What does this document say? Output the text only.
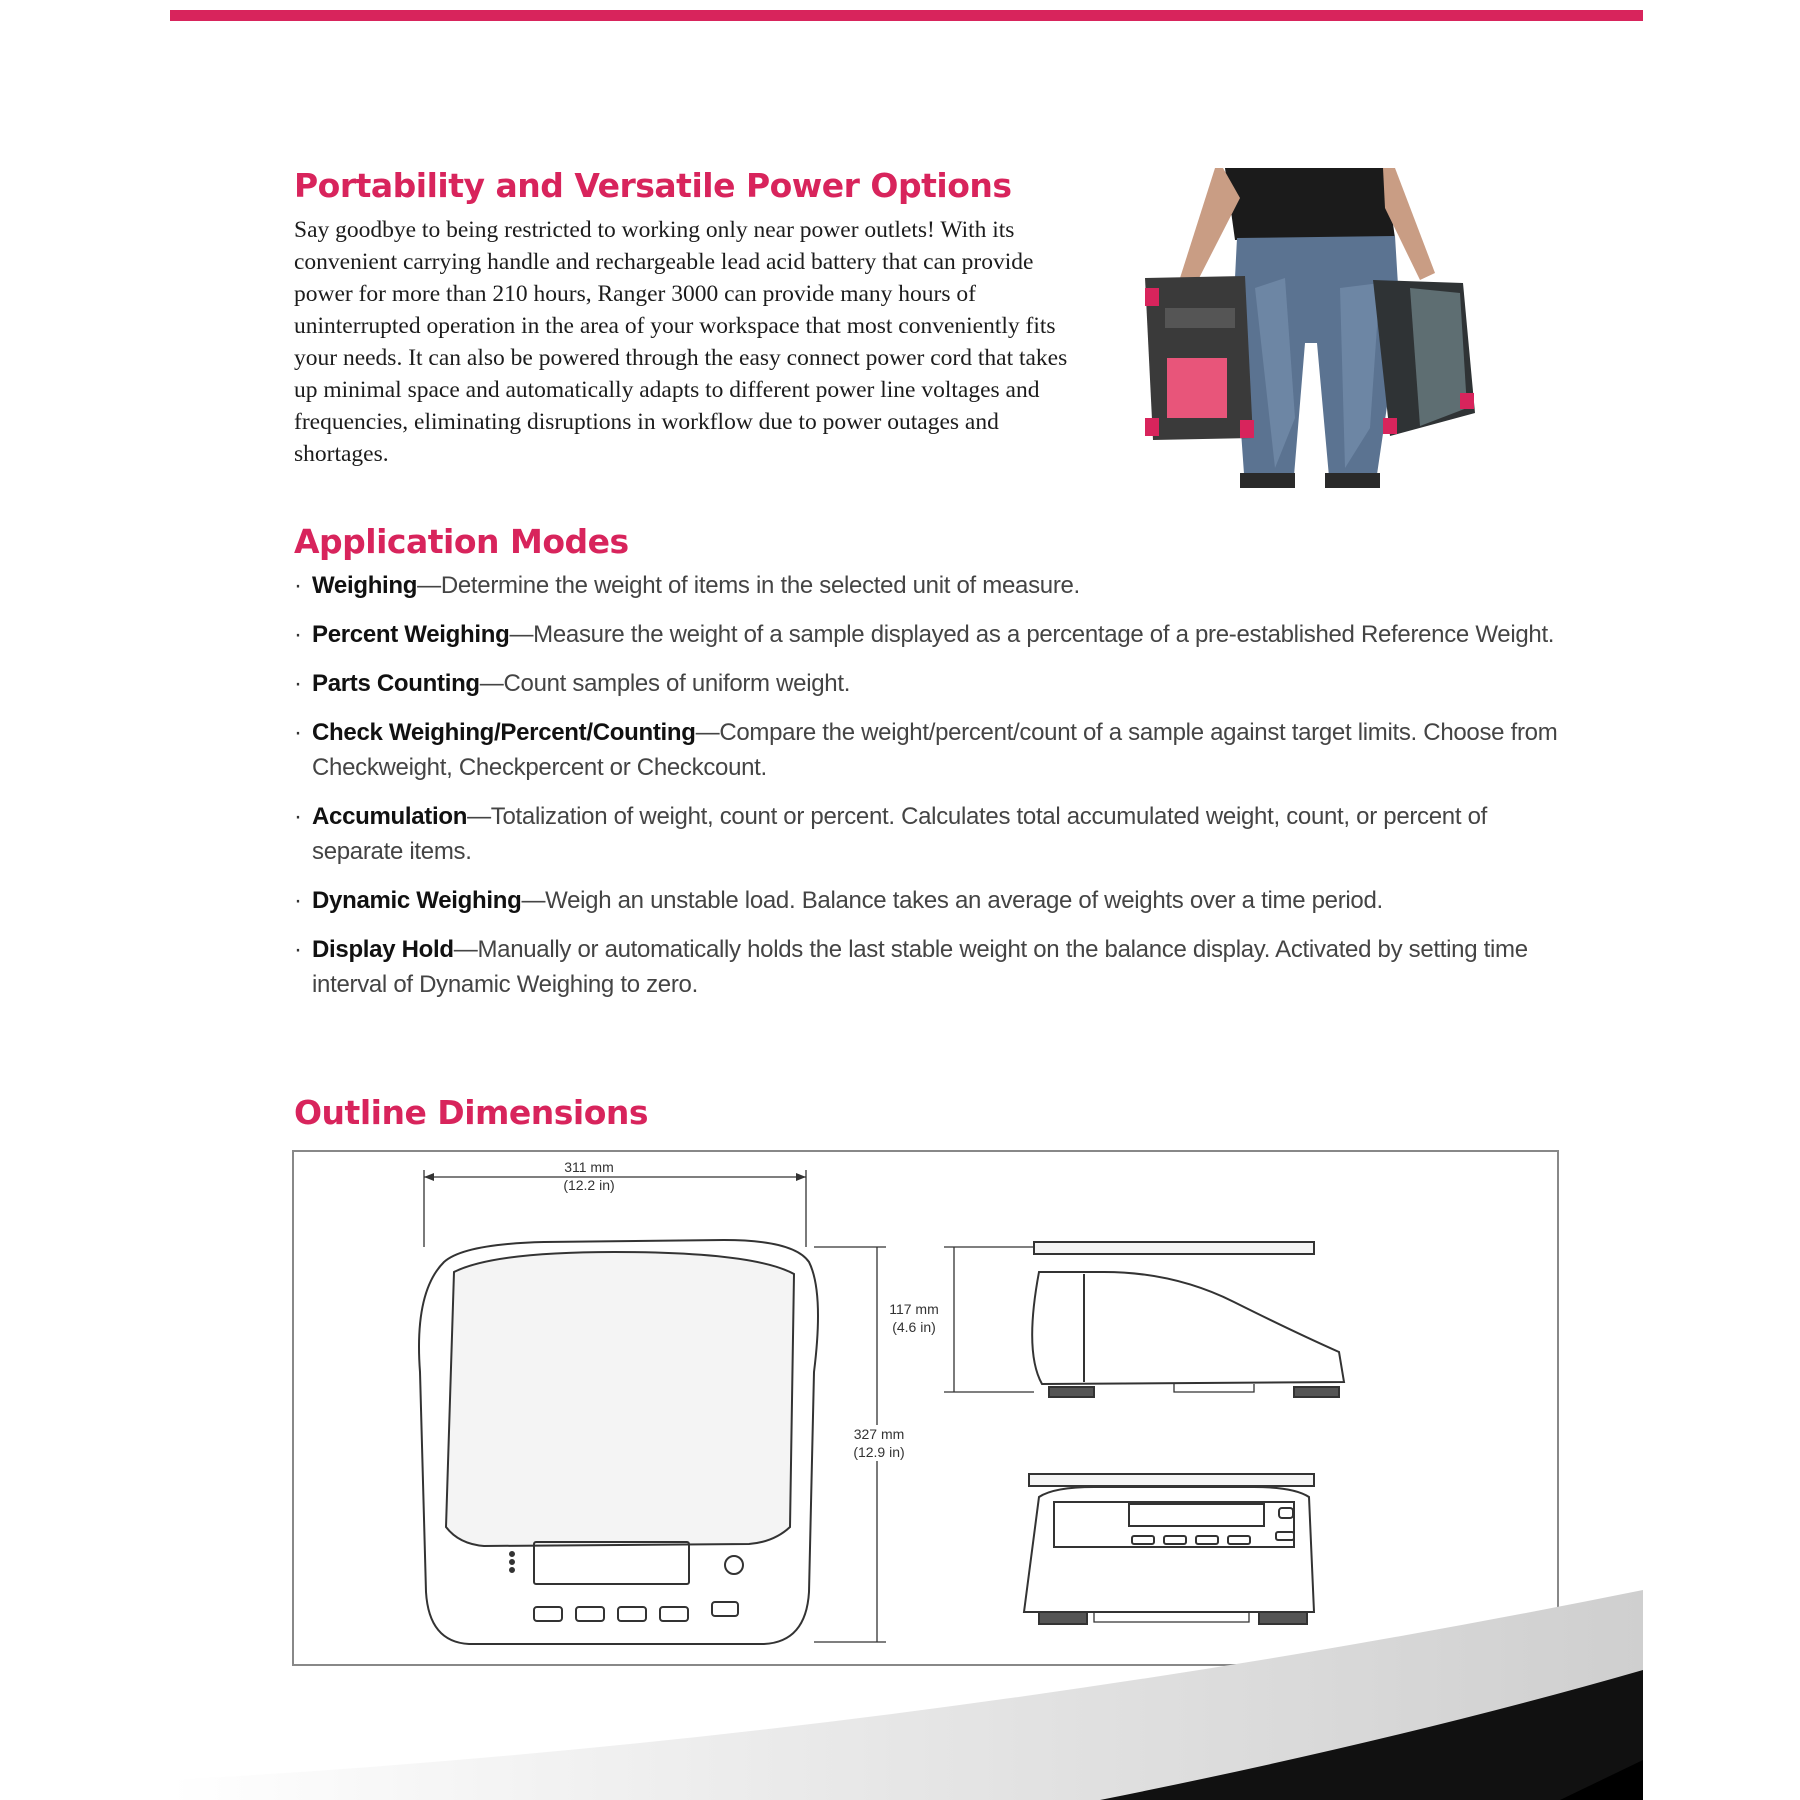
Portability and Versatile Power Options

Say goodbye to being restricted to working only near power outlets! With its convenient carrying handle and rechargeable lead acid battery that can provide power for more than 210 hours, Ranger 3000 can provide many hours of uninterrupted operation in the area of your workspace that most conveniently fits your needs. It can also be powered through the easy connect power cord that takes up minimal space and automatically adapts to different power line voltages and frequencies, eliminating disruptions in workflow due to power outages and shortages.

Application Modes
· Weighing—Determine the weight of items in the selected unit of measure.
· Percent Weighing—Measure the weight of a sample displayed as a percentage of a pre-established Reference Weight.
· Parts Counting—Count samples of uniform weight.
· Check Weighing/Percent/Counting—Compare the weight/percent/count of a sample against target limits. Choose from Checkweight, Checkpercent or Checkcount.
· Accumulation—Totalization of weight, count or percent. Calculates total accumulated weight, count, or percent of separate items.
· Dynamic Weighing—Weigh an unstable load. Balance takes an average of weights over a time period.
· Display Hold—Manually or automatically holds the last stable weight on the balance display. Activated by setting time interval of Dynamic Weighing to zero.
Outline Dimensions
311 mm
(12.2 in)
117 mm
(4.6 in)
327 mm
(12.9 in)
